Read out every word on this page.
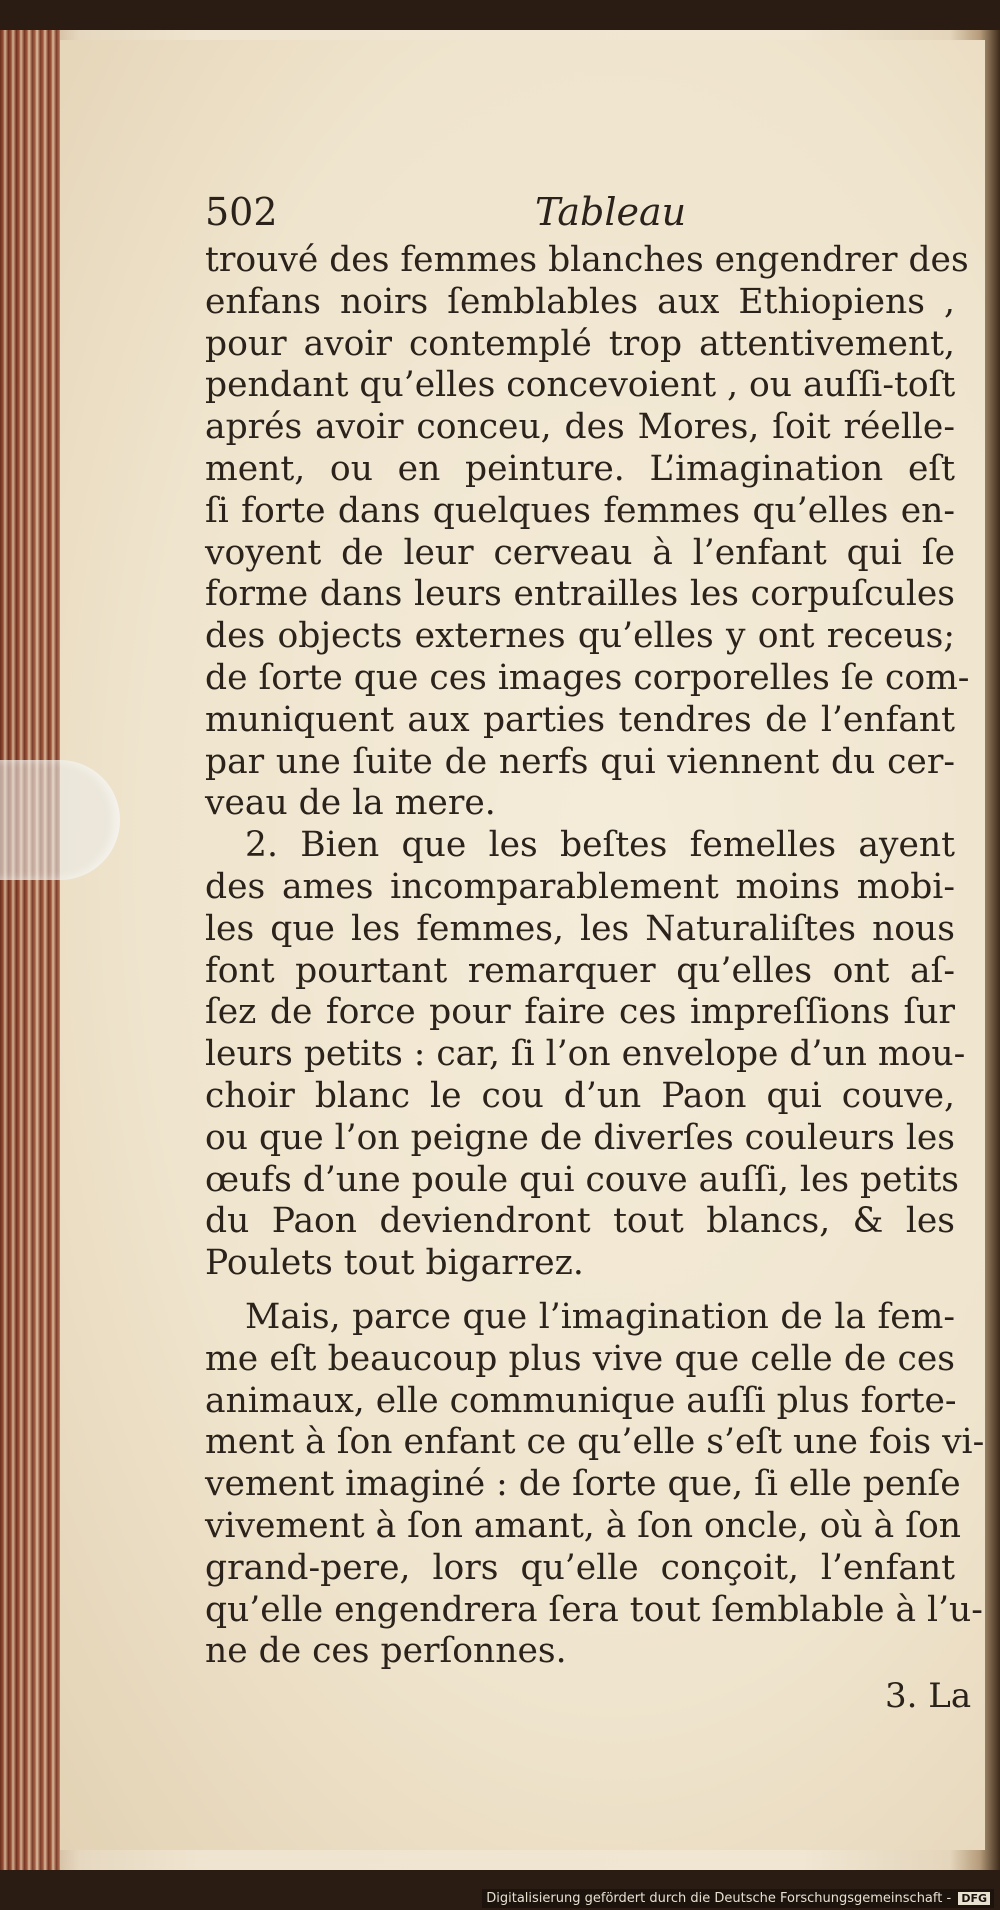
502	Tableau
trouvé des femmes blanches engendrer des
enfans noirs ſemblables aux Ethiopiens ,
pour avoir contemplé trop attentivement,
pendant qu’elles concevoient , ou auſſi-toſt
aprés avoir conceu, des Mores, ſoit réelle-
ment, ou en peinture. L’imagination eſt
ſi forte dans quelques femmes qu’elles en-
voyent de leur cerveau à l’enfant qui ſe
forme dans leurs entrailles les corpuſcules
des objects externes qu’elles y ont receus;
de ſorte que ces images corporelles ſe com-
muniquent aux parties tendres de l’enfant
par une ſuite de nerfs qui viennent du cer-
veau de la mere.
2. Bien que les beſtes femelles ayent
des ames incomparablement moins mobi-
les que les femmes, les Naturaliſtes nous
font pourtant remarquer qu’elles ont aſ-
ſez de force pour faire ces impreſſions ſur
leurs petits : car, ſi l’on envelope d’un mou-
choir blanc le cou d’un Paon qui couve,
ou que l’on peigne de diverſes couleurs les
œufs d’une poule qui couve auſſi, les petits
du Paon deviendront tout blancs, & les
Poulets tout bigarrez.
Mais, parce que l’imagination de la fem-
me eſt beaucoup plus vive que celle de ces
animaux, elle communique auſſi plus forte-
ment à ſon enfant ce qu’elle s’eſt une fois vi-
vement imaginé : de ſorte que, ſi elle penſe
vivement à ſon amant, à ſon oncle, où à ſon
grand-pere, lors qu’elle conçoit, l’enfant
qu’elle engendrera ſera tout ſemblable à l’u-
ne de ces perſonnes.
3. La
Digitalisierung gefördert durch die Deutsche Forschungsgemeinschaft - DFG
